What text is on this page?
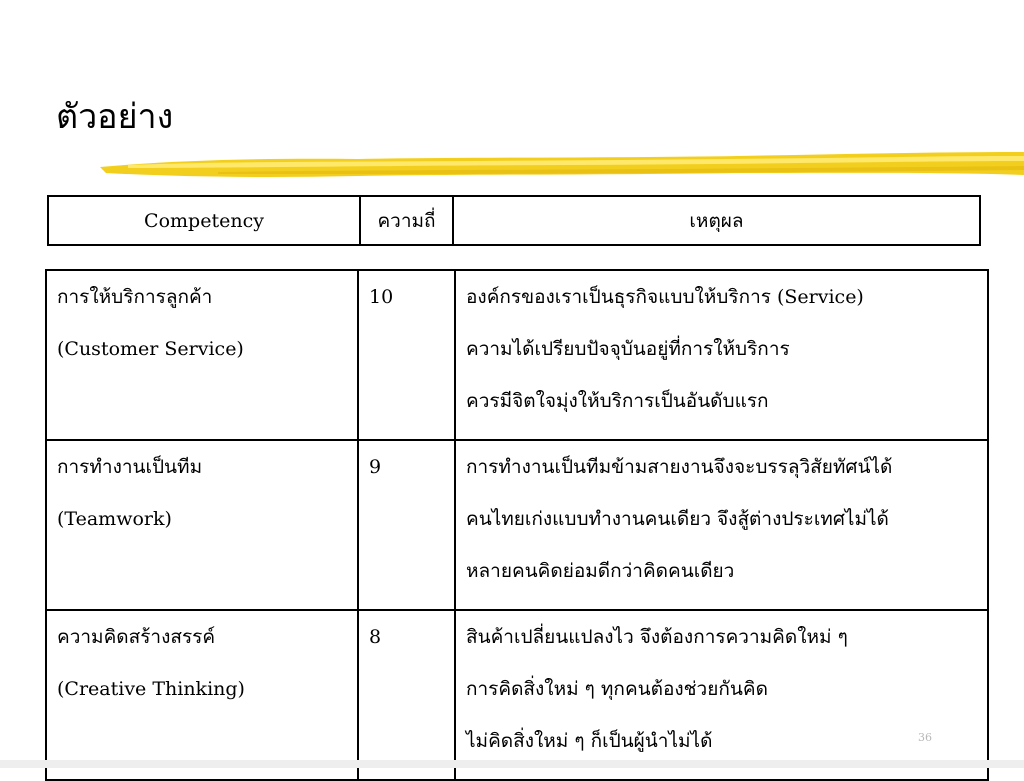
ตัวอย่าง
Competency	ความถี่	เหตุผล
การให้บริการลูกค้า
(Customer Service)	10	องค์กรของเราเป็นธุรกิจแบบให้บริการ (Service)
ความได้เปรียบปัจจุบันอยู่ที่การให้บริการ
ควรมีจิตใจมุ่งให้บริการเป็นอันดับแรก

การทำงานเป็นทีม
(Teamwork)	9	การทำงานเป็นทีมข้ามสายงานจึงจะบรรลุวิสัยทัศน์ได้
คนไทยเก่งแบบทำงานคนเดียว จึงสู้ต่างประเทศไม่ได้
หลายคนคิดย่อมดีกว่าคิดคนเดียว

ความคิดสร้างสรรค์
(Creative Thinking)	8	สินค้าเปลี่ยนแปลงไว จึงต้องการความคิดใหม่ ๆ
การคิดสิ่งใหม่ ๆ ทุกคนต้องช่วยกันคิด
ไม่คิดสิ่งใหม่ ๆ ก็เป็นผู้นำไม่ได้	36
